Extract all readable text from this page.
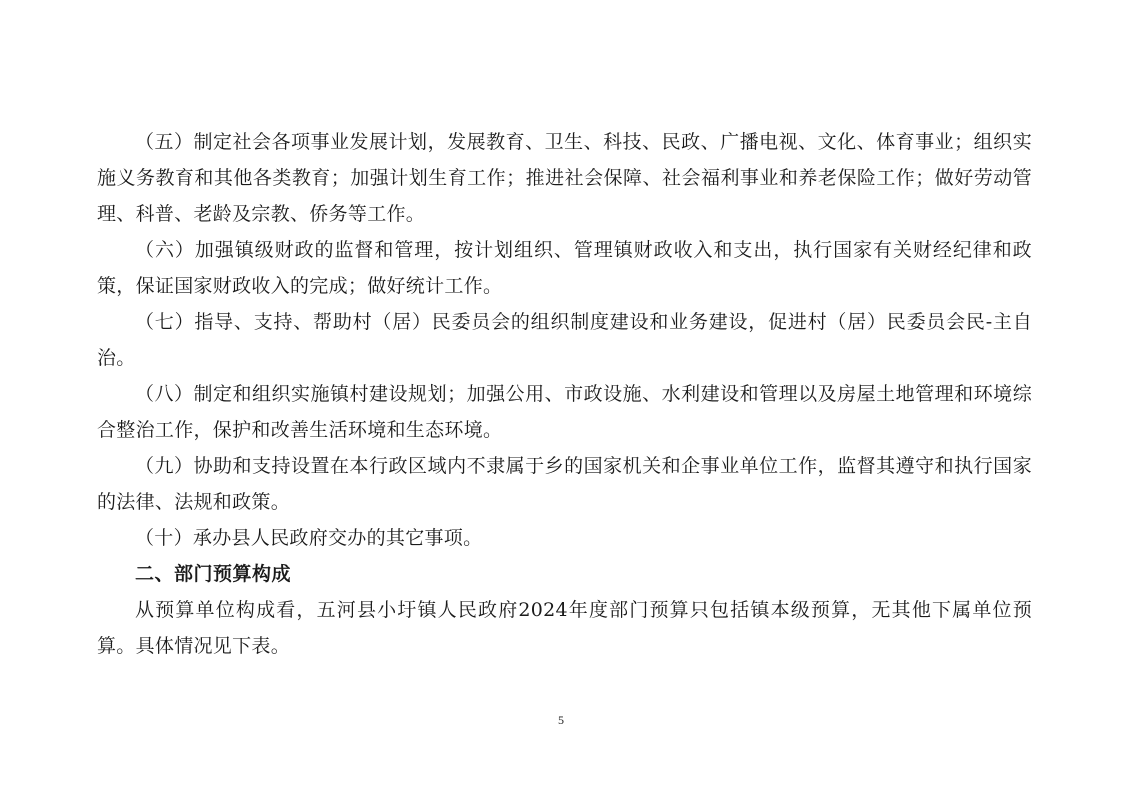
（五）制定社会各项事业发展计划，发展教育、卫生、科技、民政、广播电视、文化、体育事业；组织实施义务教育和其他各类教育；加强计划生育工作；推进社会保障、社会福利事业和养老保险工作；做好劳动管理、科普、老龄及宗教、侨务等工作。

（六）加强镇级财政的监督和管理，按计划组织、管理镇财政收入和支出，执行国家有关财经纪律和政策，保证国家财政收入的完成；做好统计工作。

（七）指导、支持、帮助村（居）民委员会的组织制度建设和业务建设，促进村（居）民委员会民-主自治。

（八）制定和组织实施镇村建设规划；加强公用、市政设施、水利建设和管理以及房屋土地管理和环境综合整治工作，保护和改善生活环境和生态环境。

（九）协助和支持设置在本行政区域内不隶属于乡的国家机关和企事业单位工作，监督其遵守和执行国家的法律、法规和政策。

（十）承办县人民政府交办的其它事项。

二、部门预算构成

从预算单位构成看，五河县小圩镇人民政府2024年度部门预算只包括镇本级预算，无其他下属单位预算。具体情况见下表。

5
